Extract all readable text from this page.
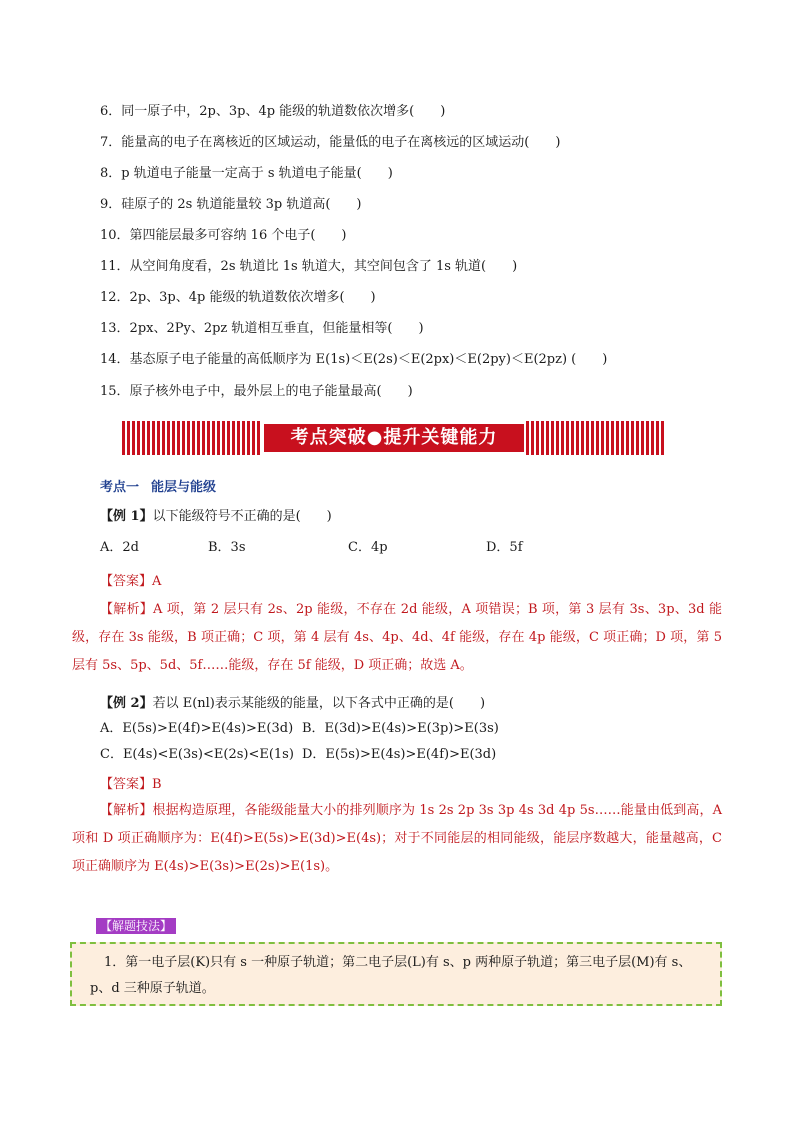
6．同一原子中，2p、3p、4p 能级的轨道数依次增多(　　)
7．能量高的电子在离核近的区域运动，能量低的电子在离核远的区域运动(　　)
8．p 轨道电子能量一定高于 s 轨道电子能量(　　)
9．硅原子的 2s 轨道能量较 3p 轨道高(　　)
10．第四能层最多可容纳 16 个电子(　　)
11．从空间角度看，2s 轨道比 1s 轨道大，其空间包含了 1s 轨道(　　)
12．2p、3p、4p 能级的轨道数依次增多(　　)
13．2px、2Py、2pz 轨道相互垂直，但能量相等(　　)
14．基态原子电子能量的高低顺序为 E(1s)＜E(2s)＜E(2px)＜E(2py)＜E(2pz) (　　)
15．原子核外电子中，最外层上的电子能量最高(　　)
考点突破●提升关键能力
考点一 能层与能级
【例 1】以下能级符号不正确的是(　　)
A．2d	B．3s	C．4p	D．5f
【答案】A
【解析】A 项，第 2 层只有 2s、2p 能级，不存在 2d 能级，A 项错误；B 项，第 3 层有 3s、3p、3d 能级，存在 3s 能级，B 项正确；C 项，第 4 层有 4s、4p、4d、4f 能级，存在 4p 能级，C 项正确；D 项，第 5 层有 5s、5p、5d、5f……能级，存在 5f 能级，D 项正确；故选 A。
【例 2】若以 E(nl)表示某能级的能量，以下各式中正确的是(　　)
A．E(5s)>E(4f)>E(4s)>E(3d) B．E(3d)>E(4s)>E(3p)>E(3s)
C．E(4s)<E(3s)<E(2s)<E(1s) D．E(5s)>E(4s)>E(4f)>E(3d)
【答案】B
【解析】根据构造原理，各能级能量大小的排列顺序为 1s 2s 2p 3s 3p 4s 3d 4p 5s……能量由低到高，A 项和 D 项正确顺序为：E(4f)>E(5s)>E(3d)>E(4s)；对于不同能层的相同能级，能层序数越大，能量越高，C 项正确顺序为 E(4s)>E(3s)>E(2s)>E(1s)。
【解题技法】
1．第一电子层(K)只有 s 一种原子轨道；第二电子层(L)有 s、p 两种原子轨道；第三电子层(M)有 s、p、d 三种原子轨道。
